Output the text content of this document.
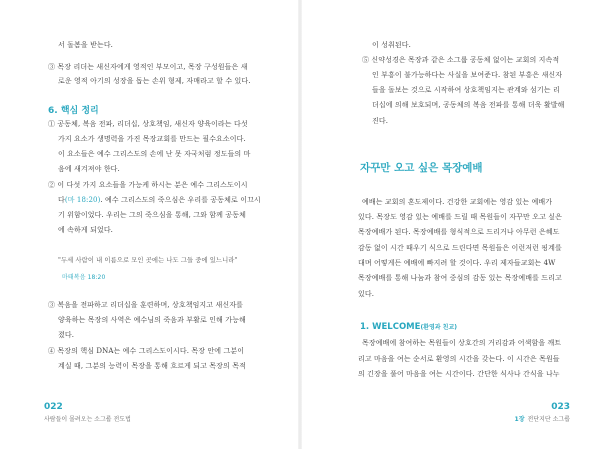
서 돌봄을 받는다.
③ 목장 리더는 새신자에게 영적인 부모이고, 목장 구성원들은 새
로운 영적 아기의 성장을 돕는 손위 형제, 자매라고 할 수 있다.
6. 핵심 정리
① 공동체, 복음 전파, 리더십, 상호책임, 새신자 양육이라는 다섯
가지 요소가 생명력을 가진 목장교회를 만드는 필수요소이다.
이 요소들은 예수 그리스도의 손에 난 못 자국처럼 정도들의 마
음에 새겨져야 한다.
② 이 다섯 가지 요소들을 가능케 하시는 분은 예수 그리스도이시
다(마 18:20). 예수 그리스도의 죽으심은 우리를 공동체로 이끄시
기 위함이었다. 우리는 그의 죽으심을 통해, 그와 함께 공동체
에 속하게 되었다.
"두세 사람이 내 이름으로 모인 곳에는 나도 그들 중에 있느니라"
마태복음 18:20
③ 복음을 전파하고 리더십을 훈련하며, 상호책임지고 새신자를
양육하는 목장의 사역은 예수님의 죽음과 부활로 인해 가능해
졌다.
④ 목장의 핵심 DNA는 예수 그리스도이시다. 목장 안에 그분이
계실 때, 그분의 능력이 목장을 통해 흐르게 되고 목장의 목적
022
사람들이 몰려오는 소그룹 전도법
이 성취된다.
⑤ 신약성경은 목장과 같은 소그룹 공동체 없이는 교회의 지속적
인 부흥이 불가능하다는 사실을 보여준다. 참된 부흥은 새신자
들을 돌보는 것으로 시작하여 상호책임지는 관계와 섬기는 리
더십에 의해 보호되며, 공동체의 복음 전파를 통해 더욱 활발해
진다.
자꾸만 오고 싶은 목장예배
예배는 교회의 혼도제이다. 건강한 교회에는 영감 있는 예배가
있다. 목장도 영감 있는 예배를 드릴 때 목원들이 자꾸만 오고 싶은
목장예배가 된다. 목장예배를 형식적으로 드리거나 아무런 은혜도
감동 없이 시간 때우기 식으로 드린다면 목원들은 이런저런 핑계를
대며 어떻게든 예배에 빠지려 할 것이다. 우리 제자들교회는 4W
목장예배를 통해 나눔과 참여 중심의 감동 있는 목장예배를 드리고
있다.
1. WELCOME(환영과 친교)
목장예배에 참여하는 목원들이 상호간의 거리감과 어색함을 깨트
리고 마음을 여는 순서로 환영의 시간을 갖는다. 이 시간은 목원들
의 긴장을 풀어 마음을 여는 시간이다. 간단한 식사나 간식을 나누
023
1장 전단지단 소그룹
